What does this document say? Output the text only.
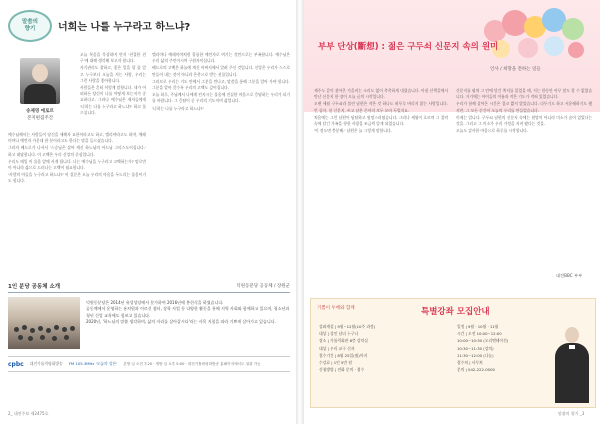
말씀의
향기 너희는 나를 누구라고 하느냐?

오늘 복음을 묵상하며 먼저 '친절한 친구'에 대해 생각해 보고자 합니다.

자기관리도 잘하고, 좋은 일을 할 줄 알고 누구보다 오늘을 사는 사람, 우리는 그런 사람을 좋아합니다.

사람들은 흔히 이렇게 말합니다. 내가 어떠하든 당신이 나를 어떻게 보는지가 중요하다고. 그러나 예수님은 제자들에게 '너희는 나를 누구라고 하느냐?' 하고 물으십니다.

송제영 에로르
본지편집주간

예수님께서는 사람들이 당신을 세례자 요한이라고도 하고, 엘리야라고도 하며, 예레미야나 예언자 가운데 한 분이라고도 한다는 말을 들으셨습니다.

그러자 베드로가 나서서 '스승님은 살아 계신 하느님의 아드님 그리스도이십니다.' 하고 대답합니다. 이 고백은 우리 신앙의 중심입니다.

우리도 매일 이 물음 앞에 서게 됩니다. 나는 예수님을 누구라고 고백하는가? 말로만이 아니라 삶으로 드러나는 고백이 필요합니다.

'사람의 아들을 누구라고 하느냐?' 이 질문은 오늘 우리의 마음을 두드리는 물음이기도 합니다.

엘리야나 예레미야처럼 훌륭한 예언자로 여기는 것만으로는 부족합니다. 예수님은 우리 삶의 주인이시며 구원자이십니다.

베드로의 고백은 하늘에 계신 아버지께서 알려 주신 것입니다. 신앙은 우리가 스스로 만들어 내는 것이 아니라 은총으로 받는 선물입니다.

그러므로 우리는 기도 안에서 그분을 만나고, 말씀을 통해 그분을 알아 가야 합니다. 그분을 알아 갈수록 우리의 고백도 깊어집니다.

오늘 하루, 주님께서 나에게 던지시는 물음에 진실한 마음으로 응답하는 우리가 되기를 바랍니다. 그 응답이 곧 우리의 기도이며 삶입니다.

'너희는 나를 누구라고 하느냐?'

1인 분당 공동체 소개	덕원동분당 공동체 / 장원군
덕원동분당은 2014년 유성성당에서 분가하여 2016년에 봉헌식을 하였습니다.
공동체에서 운영하는 유치원과 어르신 쉼터, 장학 사업 등 다양한 활동을 통해 지역 사회와 함께하고 있으며, 청소년과 청년 신앙 교육에도 힘쓰고 있습니다.
2020년, '하느님의 말씀 생각하며, 삶의 자리를 살아갑시다'라는 사목 지침을 따라 기쁘게 살아가고 있습니다.
cpbc 대전가톨릭평화방송 FM 105.3MHz '오늘의 강론' 본방 일 오전 7:20 · 재방 일 오후 5:00 · 대전가톨릭평화방송 홈페이지에서도 청취 가능
2_ 대전주보 제2475호
부부 단상(斷想) : 젊은 구두쇠 신문지 속의 원미
인사 / 희망을 전하는 일들

제주도 같이 찾아온 가을비는 소리도 없이 촉촉하게 내렸습니다. 아침 산책길에서 만난 신문지 한 장이 오늘 글의 시작입니다.

오랜 세월 구두쇠라 불린 남편은 작은 것 하나도 허투루 버리지 않는 사람입니다. 빈 상자, 헌 신문지, 쓰고 남은 끈까지 모두 모아 두었지요.

처음에는 그런 남편이 답답하고 원망스러웠습니다. 그러나 세월이 흐르며 그 절약 속에 담긴 가족을 향한 사랑을 조금씩 알게 되었습니다.

'이 정도면 충분해.' 남편은 늘 그렇게 말합니다.

신문지를 펼쳐 그 안에 담긴 쪽지를 읽었을 때, 저는 한동안 아무 말도 할 수 없었습니다. 거기에는 아이들의 이름과 작은 기도가 적혀 있었습니다.

우리가 함께 살아온 시간은 결코 짧지 않았습니다. 다투기도 하고 서운해하기도 했지만, 그 모든 순간이 오늘의 우리를 만들었습니다.

이제는 압니다. 구두쇠 남편의 신문지 속에는 원망이 아니라 미소가 숨어 있었다는 것을. 그리고 그 미소가 우리 가정을 지켜 왔다는 것을.

오늘도 감사한 마음으로 하루를 시작합니다.

대전BBC 부부
기쁨이 두배와 함께	특별강좌 모집안내
강좌개설 | 9월~12월(10주 과정)
대상 | 성인 남녀 누구나
장소 | 가톨릭회관 8층 강의실
대상 | 우리 교구 신자
접수기간 | 8월 25일(월)까지
수강료 | 1인 5만 원
신청방법 | 전화 문의 · 접수
일정 | 9월 · 10월 · 11월
시간 | 오전 10:00~12:00
10:00~10:30 (오리엔테이션)
10:30~11:30 (강의)
11:30~12:00 (나눔)
접수처 | 사무처
문의 | 042-222-0000
말씀의 향기 _3
